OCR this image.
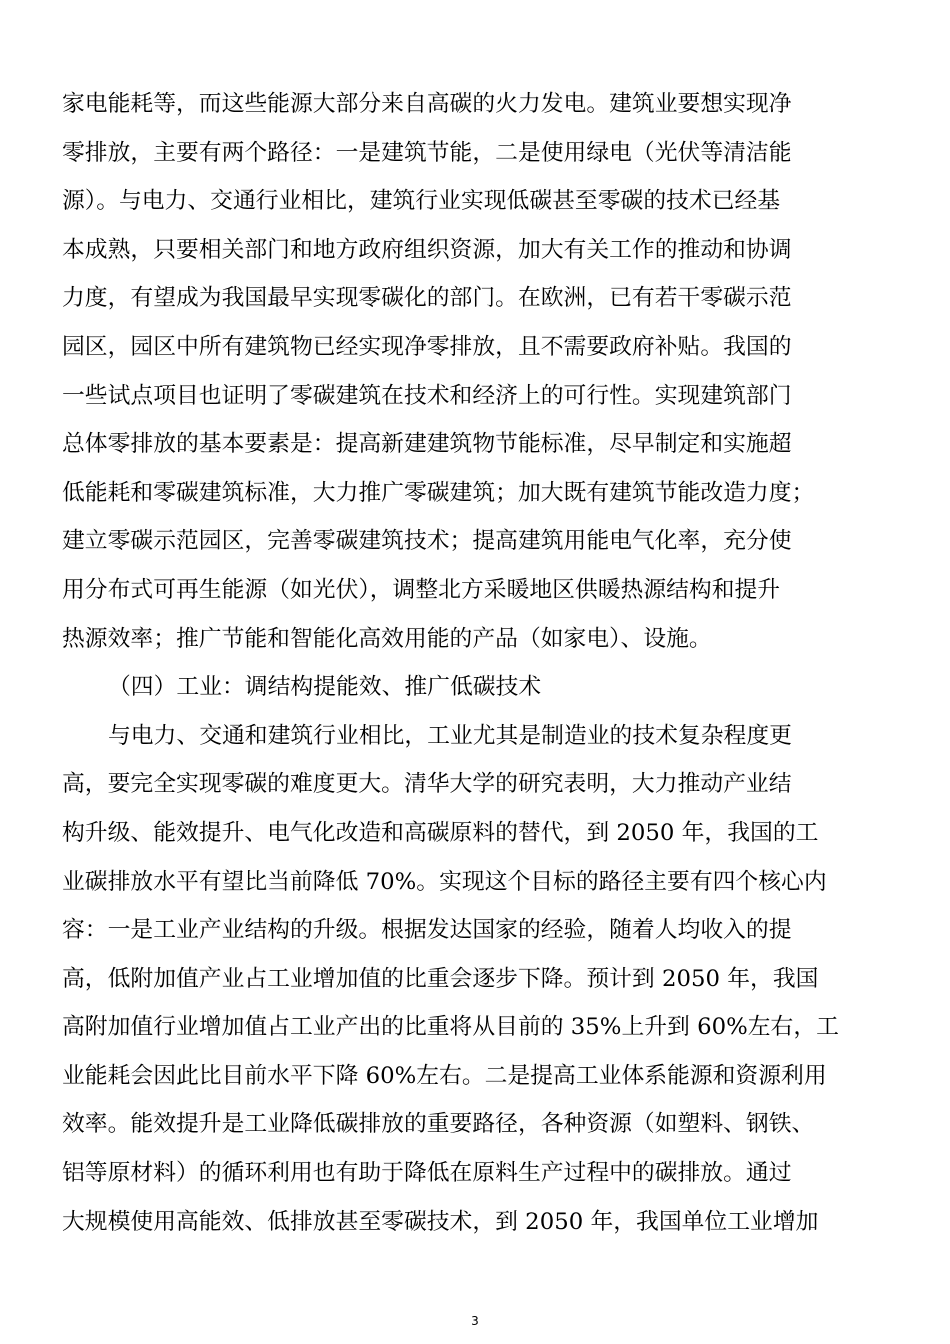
家电能耗等，而这些能源大部分来自高碳的火力发电。建筑业要想实现净
零排放，主要有两个路径：一是建筑节能，二是使用绿电（光伏等清洁能
源）。与电力、交通行业相比，建筑行业实现低碳甚至零碳的技术已经基
本成熟，只要相关部门和地方政府组织资源，加大有关工作的推动和协调
力度，有望成为我国最早实现零碳化的部门。在欧洲，已有若干零碳示范
园区，园区中所有建筑物已经实现净零排放，且不需要政府补贴。我国的
一些试点项目也证明了零碳建筑在技术和经济上的可行性。实现建筑部门
总体零排放的基本要素是：提高新建建筑物节能标准，尽早制定和实施超
低能耗和零碳建筑标准，大力推广零碳建筑；加大既有建筑节能改造力度；
建立零碳示范园区，完善零碳建筑技术；提高建筑用能电气化率，充分使
用分布式可再生能源（如光伏），调整北方采暖地区供暖热源结构和提升
热源效率；推广节能和智能化高效用能的产品（如家电）、设施。
（四）工业：调结构提能效、推广低碳技术
与电力、交通和建筑行业相比，工业尤其是制造业的技术复杂程度更
高，要完全实现零碳的难度更大。清华大学的研究表明，大力推动产业结
构升级、能效提升、电气化改造和高碳原料的替代，到 2050 年，我国的工
业碳排放水平有望比当前降低 70%。实现这个目标的路径主要有四个核心内
容：一是工业产业结构的升级。根据发达国家的经验，随着人均收入的提
高，低附加值产业占工业增加值的比重会逐步下降。预计到 2050 年，我国
高附加值行业增加值占工业产出的比重将从目前的 35%上升到 60%左右，工
业能耗会因此比目前水平下降 60%左右。二是提高工业体系能源和资源利用
效率。能效提升是工业降低碳排放的重要路径，各种资源（如塑料、钢铁、
铝等原材料）的循环利用也有助于降低在原料生产过程中的碳排放。通过
大规模使用高能效、低排放甚至零碳技术，到 2050 年，我国单位工业增加
3
